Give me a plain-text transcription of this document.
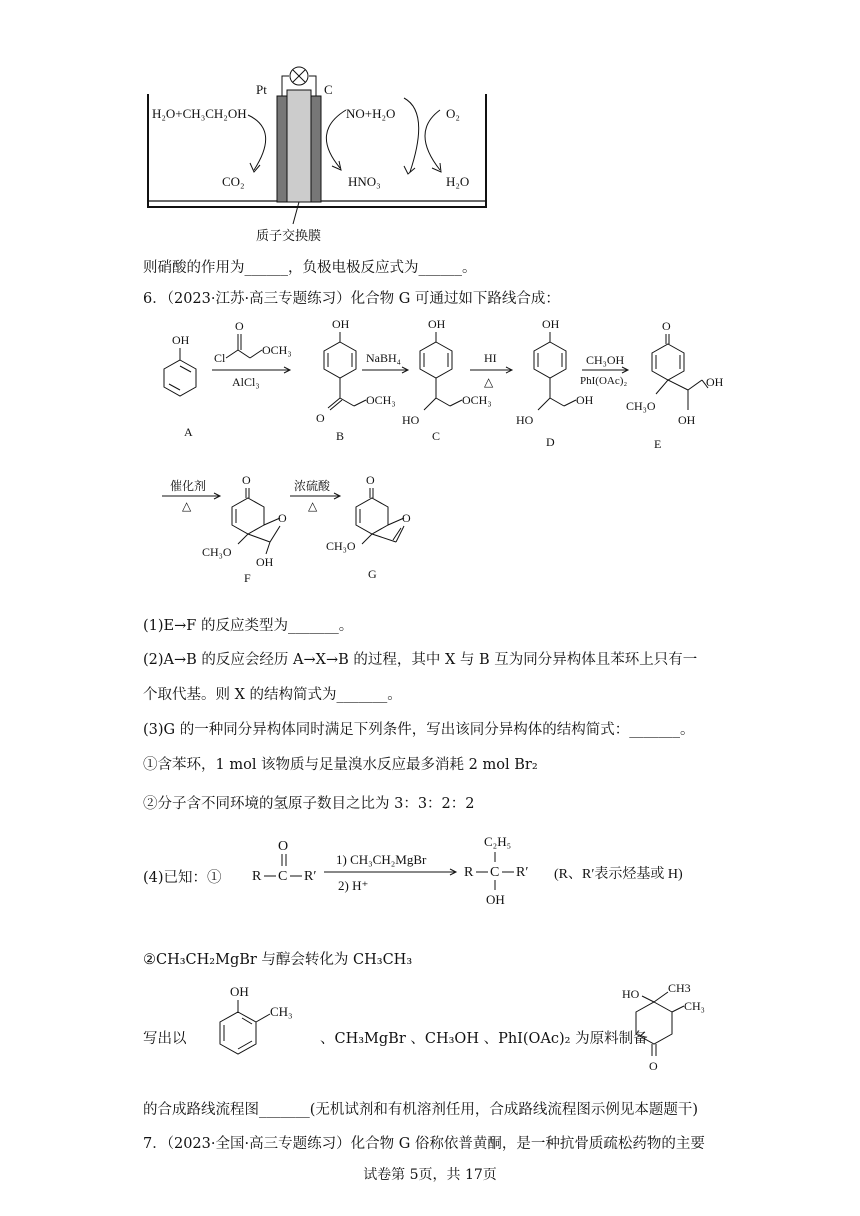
Pt	C
H₂O+CH₃CH₂OH
CO₂
NO+H₂O
HNO₃
O₂
H₂O
质子交换膜
则硝酸的作用为______，负极电极反应式为______。
6．（2023·江苏·高三专题练习）化合物 G 可通过如下路线合成：
OH
A
Cl
O
OCH₃
AlCl₃
OH
O
OCH₃
B
NaBH₄
OH
HO
OCH₃
C
HI
△
OH
HO
OH
D
CH₃OH
PhI(OAc)₂
O
CH₃O
OH
OH
E
催化剂
△
O
O
OH
CH₃O
F
浓硫酸
△
O
O
CH₃O
G
(1)E→F 的反应类型为_______。
(2)A→B 的反应会经历 A→X→B 的过程，其中 X 与 B 互为同分异构体且苯环上只有一
个取代基。则 X 的结构简式为_______。
(3)G 的一种同分异构体同时满足下列条件，写出该同分异构体的结构简式：_______。
①含苯环，1 mol 该物质与足量溴水反应最多消耗 2 mol Br₂
②分子含不同环境的氢原子数目之比为 3：3：2：2
(4)已知：① R C
O
R′
1) CH₃CH₂MgBr
2) H⁺
R C
C₂H₅
OH
R′ (R、R′表示烃基或 H)
②CH₃CH₂MgBr 与醇会转化为 CH₃CH₃
写出以
OH
CH₃
、CH₃MgBr 、CH₃OH 、PhI(OAc)₂ 为原料制备
HO CH3
CH₃
O
的合成路线流程图_______(无机试剂和有机溶剂任用，合成路线流程图示例见本题题干)
7．（2023·全国·高三专题练习）化合物 G 俗称依普黄酮，是一种抗骨质疏松药物的主要
试卷第 5页，共 17页
